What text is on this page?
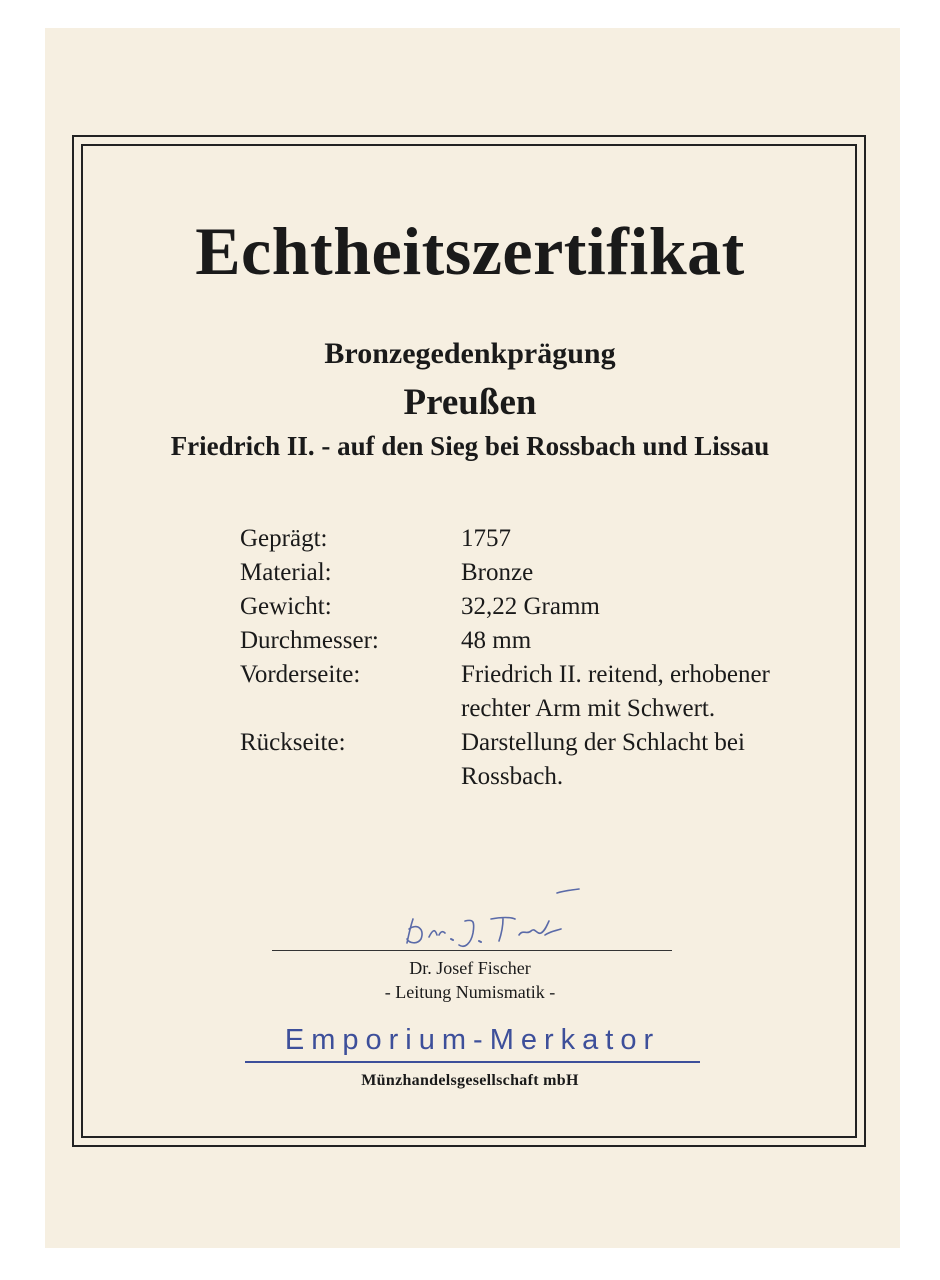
Echtheitszertifikat
Bronzegedenkprägung
Preußen
Friedrich II. - auf den Sieg bei Rossbach und Lissau
Geprägt:	1757
Material:	Bronze
Gewicht:	32,22 Gramm
Durchmesser:	48 mm
Vorderseite:	Friedrich II. reitend, erhobener
rechter Arm mit Schwert.
Rückseite:	Darstellung der Schlacht bei
Rossbach.
Dr. Josef Fischer
- Leitung Numismatik -
Emporium-Merkator
Münzhandelsgesellschaft mbH
